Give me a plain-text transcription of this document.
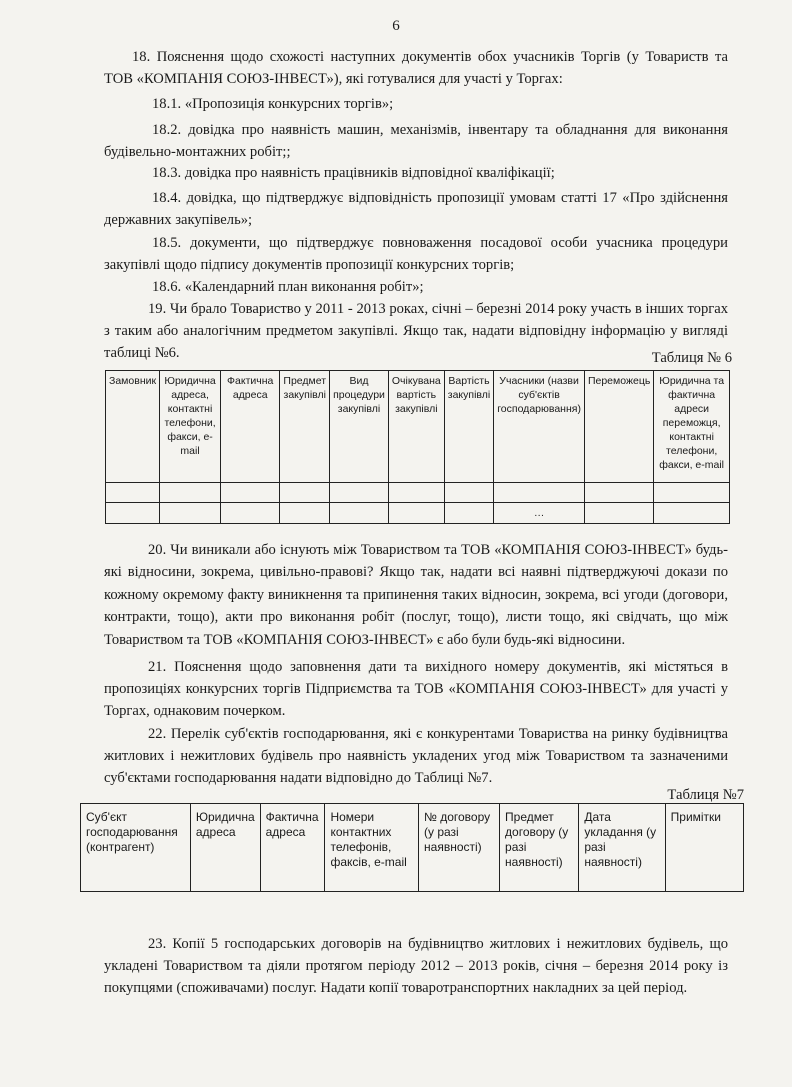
6

18. Пояснення щодо схожості наступних документів обох учасників Торгів (у Товариств та ТОВ «КОМПАНІЯ СОЮЗ-ІНВЕСТ»), які готувалися для участі у Торгах:

18.1. «Пропозиція конкурсних торгів»;

18.2. довідка про наявність машин, механізмів, інвентару та обладнання для виконання будівельно-монтажних робіт;;

18.3. довідка про наявність працівників відповідної кваліфікації;

18.4. довідка, що підтверджує відповідність пропозиції умовам статті 17 «Про здійснення державних закупівель»;

18.5. документи, що підтверджує повноваження посадової особи учасника процедури закупівлі щодо підпису документів пропозиції конкурсних торгів;

18.6. «Календарний план виконання робіт»;

19. Чи брало Товариство у 2011 - 2013 роках, січні – березні 2014 року участь в інших торгах з таким або аналогічним предметом закупівлі. Якщо так, надати відповідну інформацію у вигляді таблиці №6.	Таблиця № 6
Замовник	Юридична адреса, контактні телефони, факси, e-mail	Фактична адреса	Предмет закупівлі	Вид процедури закупівлі	Очікувана вартість закупівлі	Вартість закупівлі	Учасники (назви суб'єктів господарювання)	Переможець	Юридична та фактична адреси переможця, контактні телефони, факси, e-mail

							…		

20. Чи виникали або існують між Товариством та ТОВ «КОМПАНІЯ СОЮЗ-ІНВЕСТ» будь-які відносини, зокрема, цивільно-правові? Якщо так, надати всі наявні підтверджуючі докази по кожному окремому факту виникнення та припинення таких відносин, зокрема, всі угоди (договори, контракти, тощо), акти про виконання робіт (послуг, тощо), листи тощо, які свідчать, що між Товариством та ТОВ «КОМПАНІЯ СОЮЗ-ІНВЕСТ» є або були будь-які відносини.

21. Пояснення щодо заповнення дати та вихідного номеру документів, які містяться в пропозиціях конкурсних торгів Підприємства та ТОВ «КОМПАНІЯ СОЮЗ-ІНВЕСТ» для участі у Торгах, однаковим почерком.

22. Перелік суб'єктів господарювання, які є конкурентами Товариства на ринку будівництва житлових і нежитлових будівель про наявність укладених угод між Товариством та зазначеними суб'єктами господарювання надати відповідно до Таблиці №7.

Таблиця №7
Суб'єкт господарювання (контрагент)	Юридична адреса	Фактична адреса	Номери контактних телефонів, факсів, e-mail	№ договору (у разі наявності)	Предмет договору (у разі наявності)	Дата укладання (у разі наявності)	Примітки

23. Копії 5 господарських договорів на будівництво житлових і нежитлових будівель, що укладені Товариством та діяли протягом періоду 2012 – 2013 років, січня – березня 2014 року із покупцями (споживачами) послуг. Надати копії товаротранспортних накладних за цей період.
